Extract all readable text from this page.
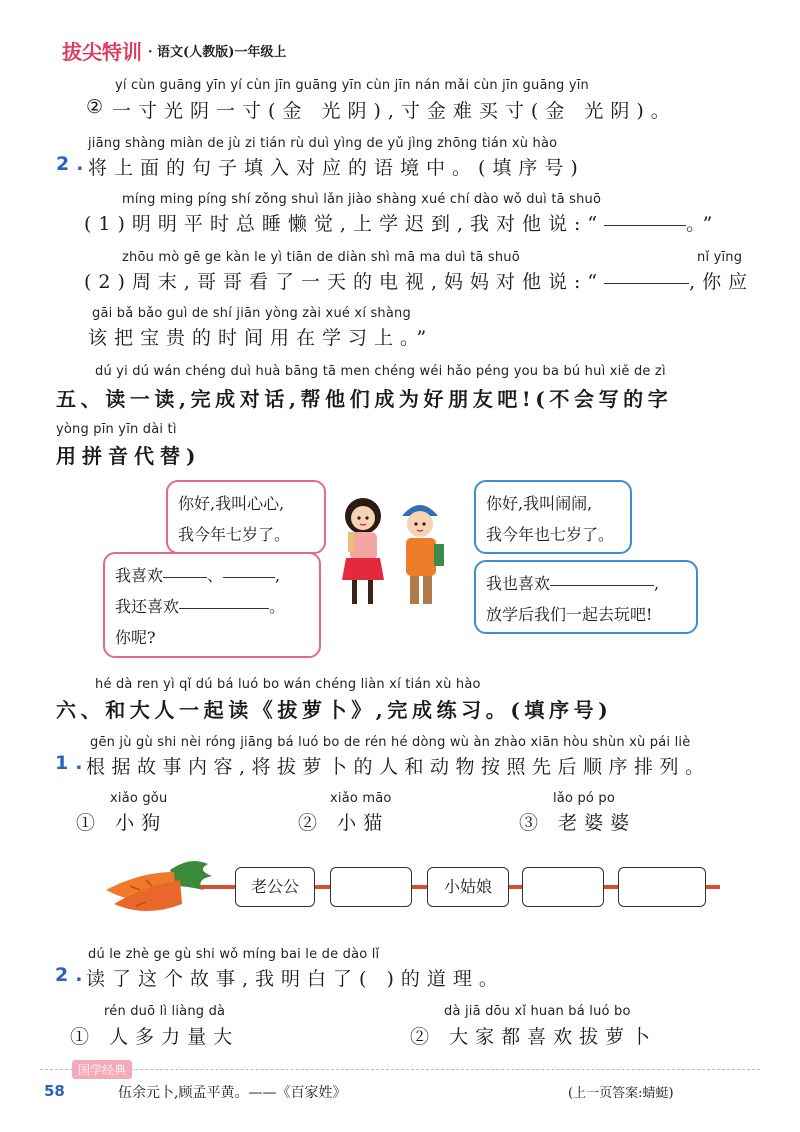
拔尖特训 · 语文(人教版)一年级上
yí cùn guāng yīn yí cùn jīn guāng yīn cùn jīn nán mǎi cùn jīn guāng yīn
② 一寸光阴一寸(金 光阴),寸金难买寸(金 光阴)。
jiāng shàng miàn de jù zi tián rù duì yìng de yǔ jìng zhōng tián xù hào
2.
将上面的句子填入对应的语境中。(填序号)
míng ming píng shí zǒng shuì lǎn jiào shàng xué chí dào wǒ duì tā shuō
(1)明明平时总睡懒觉,上学迟到,我对他说:“	。”
zhōu mò gē ge kàn le yì tiān de diàn shì mā ma duì tā shuō	nǐ yīng
(2)周末,哥哥看了一天的电视,妈妈对他说:“	,你应
gāi bǎ bǎo guì de shí jiān yòng zài xué xí shàng
该把宝贵的时间用在学习上。”
dú yi dú wán chéng duì huà bāng tā men chéng wéi hǎo péng you ba bú huì xiě de zì
五、读一读,完成对话,帮他们成为好朋友吧!(不会写的字
yòng pīn yīn dài tì
用拼音代替)
你好,我叫心心,
我今年七岁了。
你好,我叫闹闹,
我今年也七岁了。
我喜欢	、	,
我还喜欢	。
你呢?
我也喜欢	,
放学后我们一起去玩吧!
hé dà ren yì qǐ dú bá luó bo wán chéng liàn xí tián xù hào
六、和大人一起读《拔萝卜》,完成练习。(填序号)
gēn jù gù shi nèi róng jiāng bá luó bo de rén hé dòng wù àn zhào xiān hòu shùn xù pái liè
1.
根据故事内容,将拔萝卜的人和动物按照先后顺序排列。
xiǎo gǒu
① 小狗
xiǎo māo
② 小猫
lǎo pó po
③ 老婆婆
老公公	小姑娘
dú le zhè ge gù shi wǒ míng bai le de dào lǐ
2.
读了这个故事,我明白了( )的道理。
rén duō lì liàng dà
① 人多力量大
dà jiā dōu xǐ huan bá luó bo
② 大家都喜欢拔萝卜
国学经典
58	伍余元卜,顾孟平黄。——《百家姓》	(上一页答案:蜻蜓)
